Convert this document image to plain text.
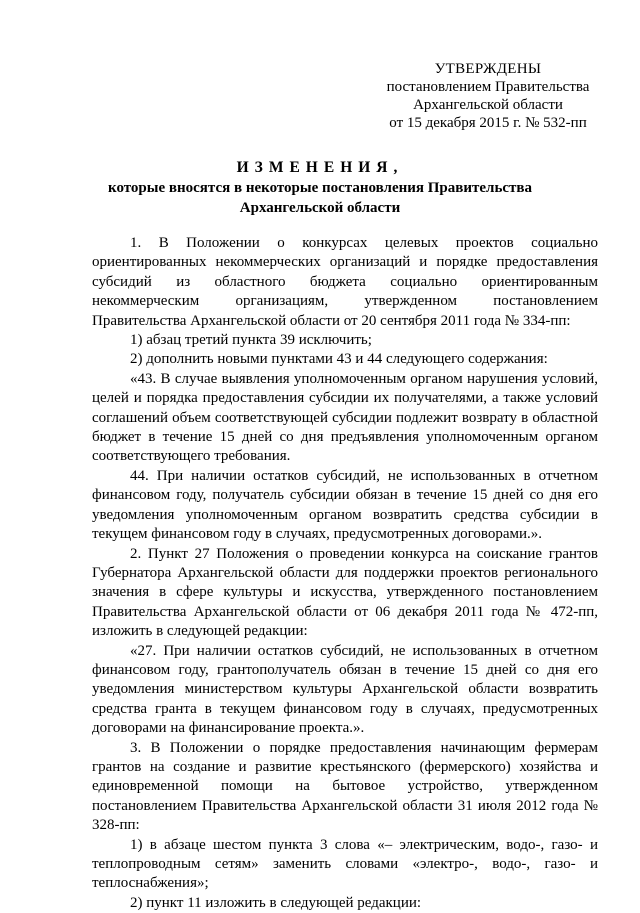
УТВЕРЖДЕНЫ
постановлением Правительства
Архангельской области
от 15 декабря 2015 г. № 532-пп
ИЗМЕНЕНИЯ,
которые вносятся в некоторые постановления Правительства
Архангельской области

1. В Положении о конкурсах целевых проектов социально ориентированных некоммерческих организаций и порядке предоставления субсидий из областного бюджета социально ориентированным некоммерческим организациям, утвержденном постановлением Правительства Архангельской области от 20 сентября 2011 года № 334-пп:

1) абзац третий пункта 39 исключить;

2) дополнить новыми пунктами 43 и 44 следующего содержания:

«43. В случае выявления уполномоченным органом нарушения условий, целей и порядка предоставления субсидии их получателями, а также условий соглашений объем соответствующей субсидии подлежит возврату в областной бюджет в течение 15 дней со дня предъявления уполномоченным органом соответствующего требования.

44. При наличии остатков субсидий, не использованных в отчетном финансовом году, получатель субсидии обязан в течение 15 дней со дня его уведомления уполномоченным органом возвратить средства субсидии в текущем финансовом году в случаях, предусмотренных договорами.».

2. Пункт 27 Положения о проведении конкурса на соискание грантов Губернатора Архангельской области для поддержки проектов регионального значения в сфере культуры и искусства, утвержденного постановлением Правительства Архангельской области от 06 декабря 2011 года № 472-пп, изложить в следующей редакции:

«27. При наличии остатков субсидий, не использованных в отчетном финансовом году, грантополучатель обязан в течение 15 дней со дня его уведомления министерством культуры Архангельской области возвратить средства гранта в текущем финансовом году в случаях, предусмотренных договорами на финансирование проекта.».

3. В Положении о порядке предоставления начинающим фермерам грантов на создание и развитие крестьянского (фермерского) хозяйства и единовременной помощи на бытовое устройство, утвержденном постановлением Правительства Архангельской области 31 июля 2012 года № 328-пп:

1) в абзаце шестом пункта 3 слова «– электрическим, водо-, газо- и теплопроводным сетям» заменить словами «электро-, водо-, газо- и теплоснабжения»;

2) пункт 11 изложить в следующей редакции:
